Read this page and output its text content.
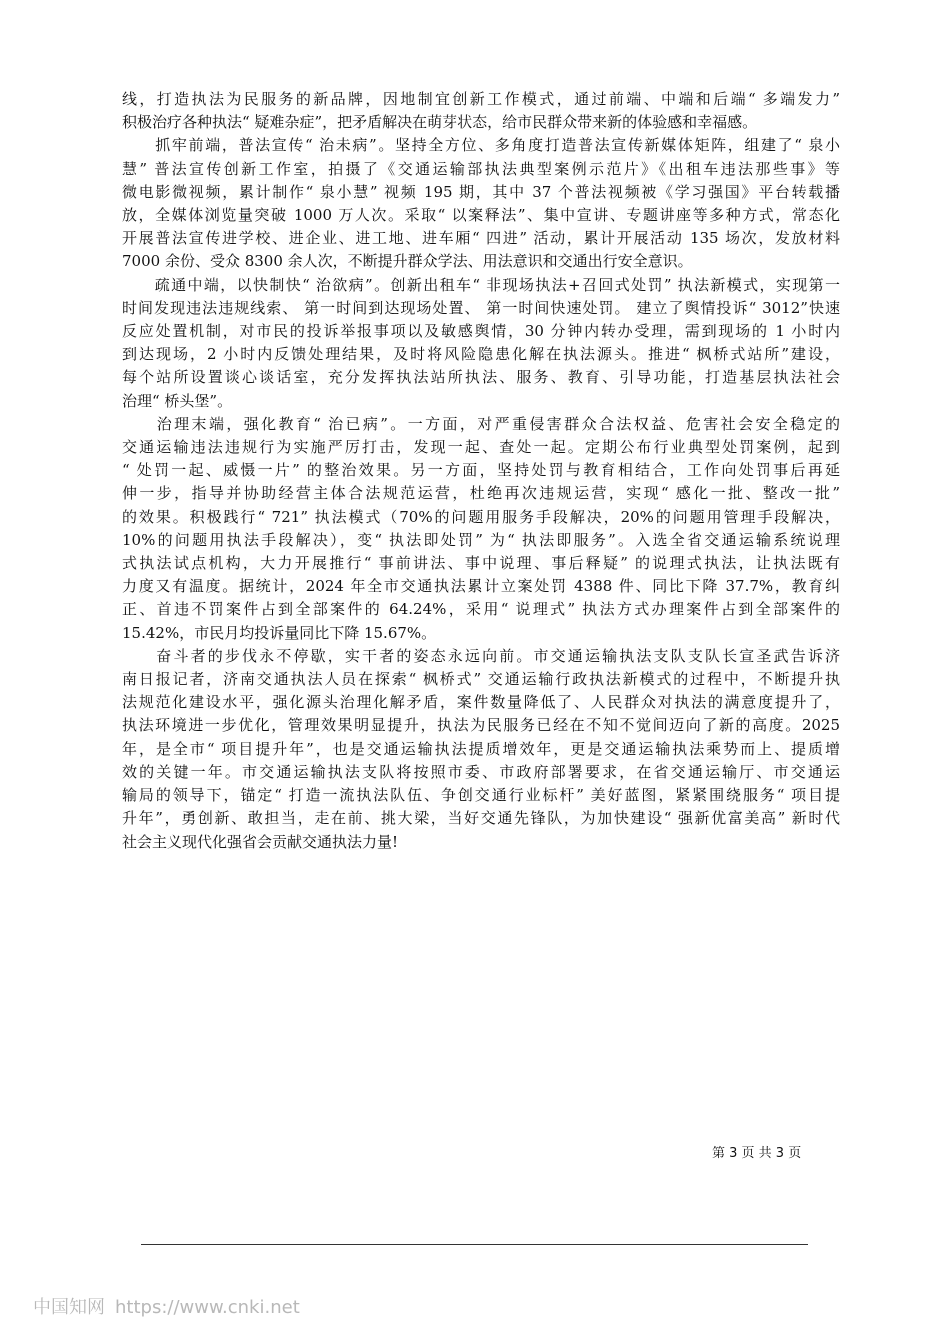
线，打造执法为民服务的新品牌，因地制宜创新工作模式，通过前端、中端和后端“ 多端发力”
积极治疗各种执法“ 疑难杂症”，把矛盾解决在萌芽状态，给市民群众带来新的体验感和幸福感。
　　抓牢前端，普法宣传“ 治未病”。坚持全方位、多角度打造普法宣传新媒体矩阵，组建了“ 泉小
慧” 普法宣传创新工作室，拍摄了《交通运输部执法典型案例示范片》《出租车违法那些事》等
微电影微视频，累计制作“ 泉小慧” 视频 195 期，其中 37 个普法视频被《学习强国》平台转载播
放，全媒体浏览量突破 1000 万人次。采取“ 以案释法”、集中宣讲、专题讲座等多种方式，常态化
开展普法宣传进学校、进企业、进工地、进车厢“ 四进” 活动，累计开展活动 135 场次，发放材料
7000 余份、受众 8300 余人次，不断提升群众学法、用法意识和交通出行安全意识。
　　疏通中端，以快制快“ 治欲病”。创新出租车“ 非现场执法+召回式处罚” 执法新模式，实现第一
时间发现违法违规线索、 第一时间到达现场处置、 第一时间快速处罚。 建立了舆情投诉“ 3012”快速
反应处置机制，对市民的投诉举报事项以及敏感舆情，30 分钟内转办受理，需到现场的 1 小时内
到达现场，2 小时内反馈处理结果，及时将风险隐患化解在执法源头。推进“ 枫桥式站所”建设，
每个站所设置谈心谈话室，充分发挥执法站所执法、服务、教育、引导功能，打造基层执法社会
治理“ 桥头堡”。
　　治理末端，强化教育“ 治已病”。一方面，对严重侵害群众合法权益、危害社会安全稳定的
交通运输违法违规行为实施严厉打击，发现一起、查处一起。定期公布行业典型处罚案例，起到
“ 处罚一起、威慑一片” 的整治效果。另一方面，坚持处罚与教育相结合，工作向处罚事后再延
伸一步，指导并协助经营主体合法规范运营，杜绝再次违规运营，实现“ 感化一批、整改一批”
的效果。积极践行“ 721” 执法模式（70%的问题用服务手段解决，20%的问题用管理手段解决，
10%的问题用执法手段解决），变“ 执法即处罚” 为“ 执法即服务”。入选全省交通运输系统说理
式执法试点机构，大力开展推行“ 事前讲法、事中说理、事后释疑” 的说理式执法，让执法既有
力度又有温度。据统计，2024 年全市交通执法累计立案处罚 4388 件、同比下降 37.7%，教育纠
正、首违不罚案件占到全部案件的 64.24%，采用“ 说理式” 执法方式办理案件占到全部案件的
15.42%，市民月均投诉量同比下降 15.67%。
　　奋斗者的步伐永不停歇，实干者的姿态永远向前。市交通运输执法支队支队长宣圣武告诉济
南日报记者，济南交通执法人员在探索“ 枫桥式” 交通运输行政执法新模式的过程中，不断提升执
法规范化建设水平，强化源头治理化解矛盾，案件数量降低了、人民群众对执法的满意度提升了，
执法环境进一步优化，管理效果明显提升，执法为民服务已经在不知不觉间迈向了新的高度。2025
年，是全市“ 项目提升年”，也是交通运输执法提质增效年，更是交通运输执法乘势而上、提质增
效的关键一年。市交通运输执法支队将按照市委、市政府部署要求，在省交通运输厅、市交通运
输局的领导下，锚定“ 打造一流执法队伍、争创交通行业标杆” 美好蓝图，紧紧围绕服务“ 项目提
升年”，勇创新、敢担当，走在前、挑大梁，当好交通先锋队，为加快建设“ 强新优富美高” 新时代
社会主义现代化强省会贡献交通执法力量!
第 3 页 共 3 页
中国知网 https://www.cnki.net
